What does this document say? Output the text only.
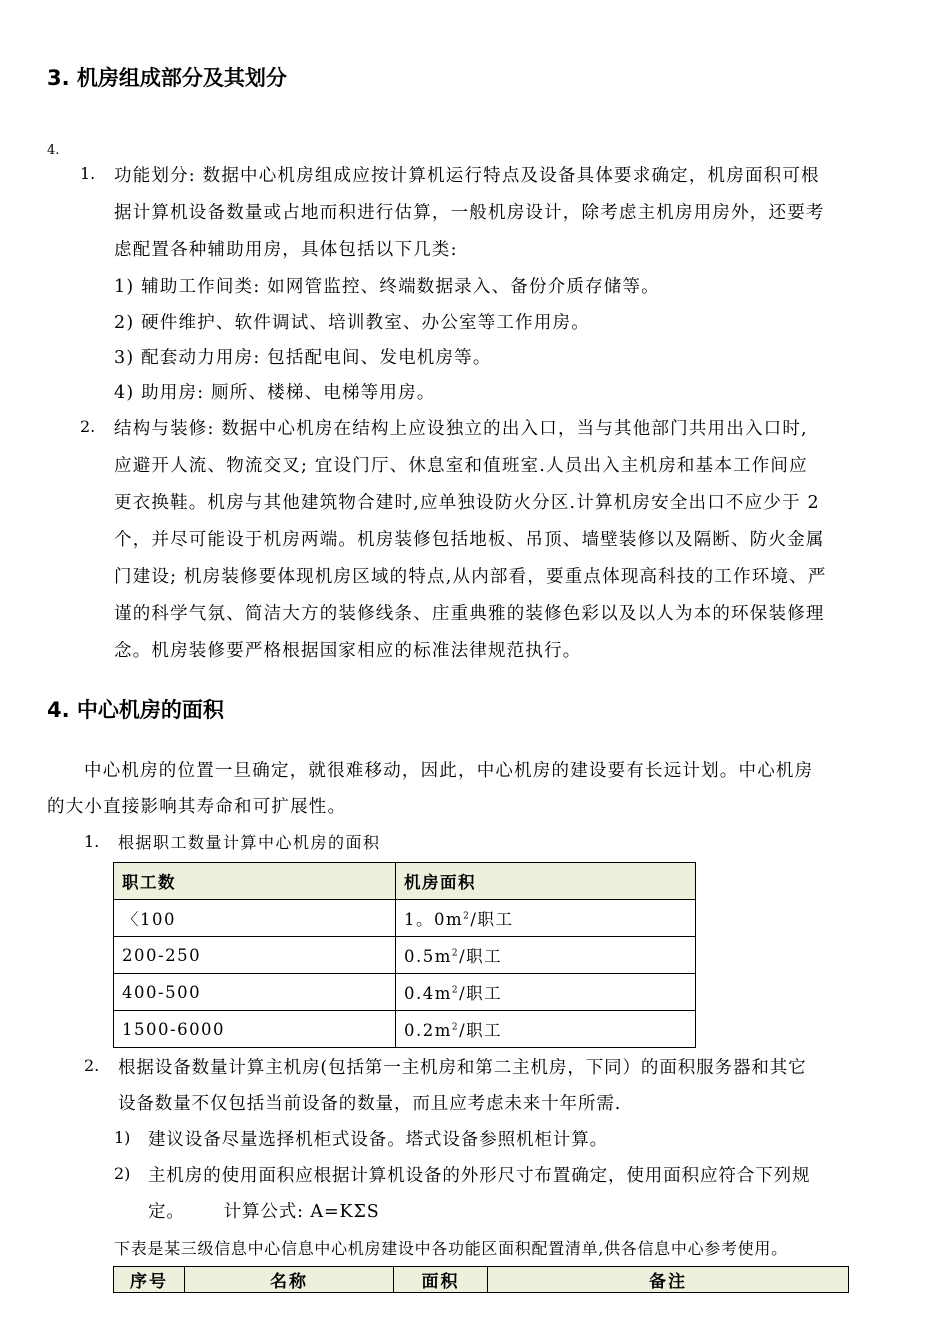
3. 机房组成部分及其划分
4.
1. 功能划分: 数据中心机房组成应按计算机运行特点及设备具体要求确定，机房面积可根
据计算机设备数量或占地而积进行估算，一般机房设计，除考虑主机房用房外，还要考
虑配置各种辅助用房，具体包括以下几类:
1) 辅助工作间类: 如网管监控、终端数据录入、备份介质存储等。
2) 硬件维护、软件调试、培训教室、办公室等工作用房。
3) 配套动力用房: 包括配电间、发电机房等。
4) 助用房: 厕所、楼梯、电梯等用房。
2. 结构与装修: 数据中心机房在结构上应设独立的出入口，当与其他部门共用出入口时,
应避开人流、物流交叉; 宜设门厅、休息室和值班室.人员出入主机房和基本工作间应
更衣换鞋。机房与其他建筑物合建时,应单独设防火分区.计算机房安全出口不应少于 2
个，并尽可能设于机房两端。机房装修包括地板、吊顶、墙壁装修以及隔断、防火金属
门建设; 机房装修要体现机房区域的特点,从内部看，要重点体现高科技的工作环境、严
谨的科学气氛、简洁大方的装修线条、庄重典雅的装修色彩以及以人为本的环保装修理
念。机房装修要严格根据国家相应的标准法律规范执行。
4. 中心机房的面积
中心机房的位置一旦确定，就很难移动，因此，中心机房的建设要有长远计划。中心机房
的大小直接影响其寿命和可扩展性。
1. 根据职工数量计算中心机房的面积
职工数	机房面积
〈100	1。$0m^2/$职工
200-250	$0.5m^2/$职工
400-500	$0.4m^2/$职工
1500-6000	$0.2m^2/$职工
2. 根据设备数量计算主机房(包括第一主机房和第二主机房，下同）的面积服务器和其它
设备数量不仅包括当前设备的数量，而且应考虑未来十年所需.
1) 建议设备尽量选择机柜式设备。塔式设备参照机柜计算。
2) 主机房的使用面积应根据计算机设备的外形尺寸布置确定，使用面积应符合下列规
定。      计算公式: A=KΣS
下表是某三级信息中心信息中心机房建设中各功能区面积配置清单,供各信息中心参考使用。
序号	名称	面积	备注
